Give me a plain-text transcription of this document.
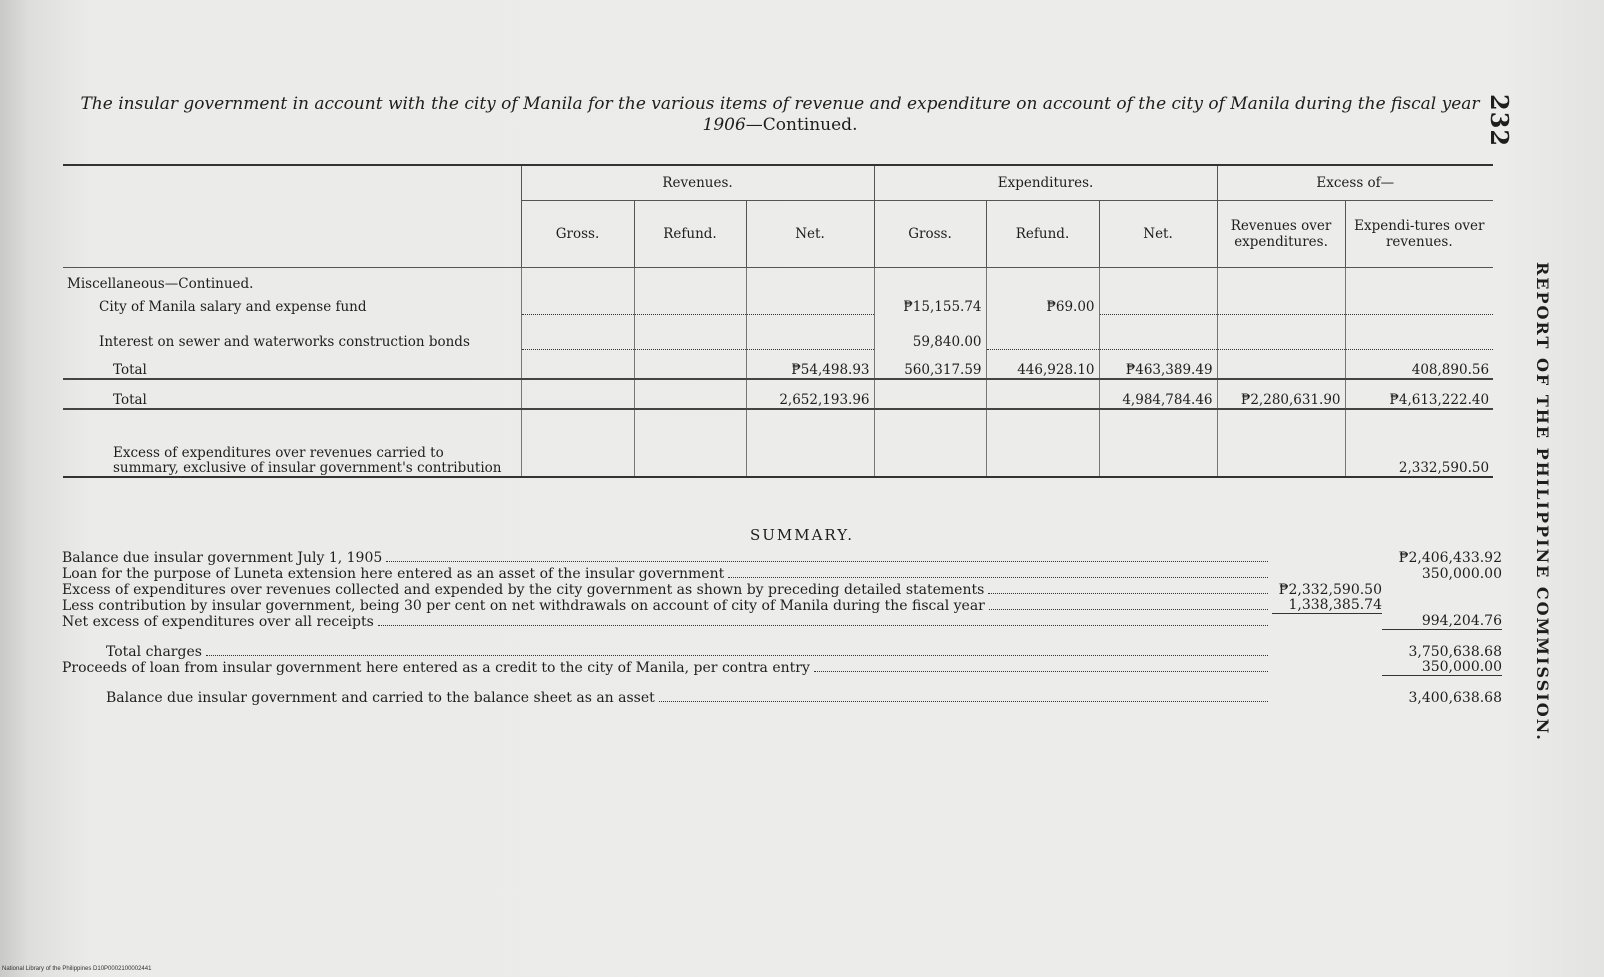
The insular government in account with the city of Manila for the various items of revenue and expenditure on account of the city of Manila during the fiscal year 1906—Continued.	232
REPORT OF THE PHILIPPINE COMMISSION.
	Revenues.			Expenditures.			Excess of—	
	Gross.	Refund.	Net.	Gross.	Refund.	Net.	Revenues over expenditures.	Expendi-tures over revenues.
Miscellaneous—Continued.								
City of Manila salary and expense fund				₱15,155.74	₱69.00			
Interest on sewer and waterworks construction bonds				59,840.00				
Total			₱54,498.93	560,317.59	446,928.10	₱463,389.49		408,890.56
Total			2,652,193.96			4,984,784.46	₱2,280,631.90	₱4,613,222.40
Excess of expenditures over revenues carried to summary, exclusive of insular government's contribution								2,332,590.50
SUMMARY.
Balance due insular government July 1, 1905	₱2,406,433.92
Loan for the purpose of Luneta extension here entered as an asset of the insular government	350,000.00
Excess of expenditures over revenues collected and expended by the city government as shown by preceding detailed statements	₱2,332,590.50
Less contribution by insular government, being 30 per cent on net withdrawals on account of city of Manila during the fiscal year	1,338,385.74
Net excess of expenditures over all receipts	994,204.76
Total charges	3,750,638.68
Proceeds of loan from insular government here entered as a credit to the city of Manila, per contra entry	350,000.00
Balance due insular government and carried to the balance sheet as an asset	3,400,638.68
National Library of the Philippines D10P0002100002441
